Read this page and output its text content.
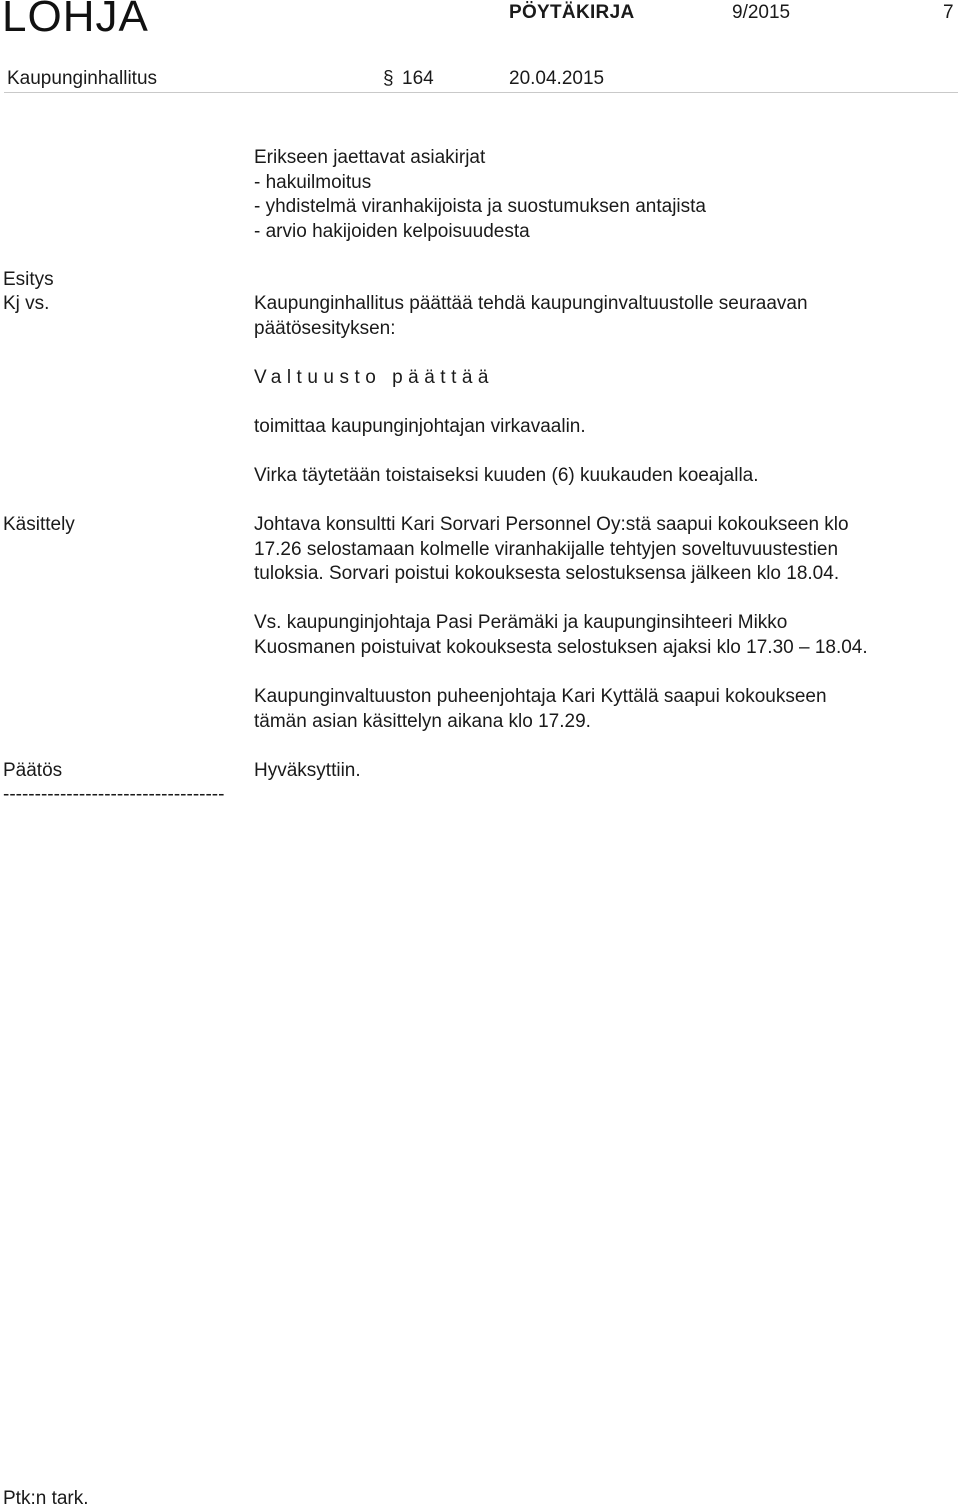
LOHJA	PÖYTÄKIRJA	9/2015	7
Kaupunginhallitus	§ 164	20.04.2015
Erikseen jaettavat asiakirjat
- hakuilmoitus
- yhdistelmä viranhakijoista ja suostumuksen antajista
- arvio hakijoiden kelpoisuudesta
Esitys
Kj vs.	Kaupunginhallitus päättää tehdä kaupunginvaltuustolle seuraavan
päätösesityksen:
Valtuusto päättää
toimittaa kaupunginjohtajan virkavaalin.
Virka täytetään toistaiseksi kuuden (6) kuukauden koeajalla.
Käsittely	Johtava konsultti Kari Sorvari Personnel Oy:stä saapui kokoukseen klo
17.26 selostamaan kolmelle viranhakijalle tehtyjen soveltuvuustestien
tuloksia. Sorvari poistui kokouksesta selostuksensa jälkeen klo 18.04.
Vs. kaupunginjohtaja Pasi Perämäki ja kaupunginsihteeri Mikko
Kuosmanen poistuivat kokouksesta selostuksen ajaksi klo 17.30 – 18.04.
Kaupunginvaltuuston puheenjohtaja Kari Kyttälä saapui kokoukseen
tämän asian käsittelyn aikana klo 17.29.
Päätös	Hyväksyttiin.
-----------------------------------
Ptk:n tark.
